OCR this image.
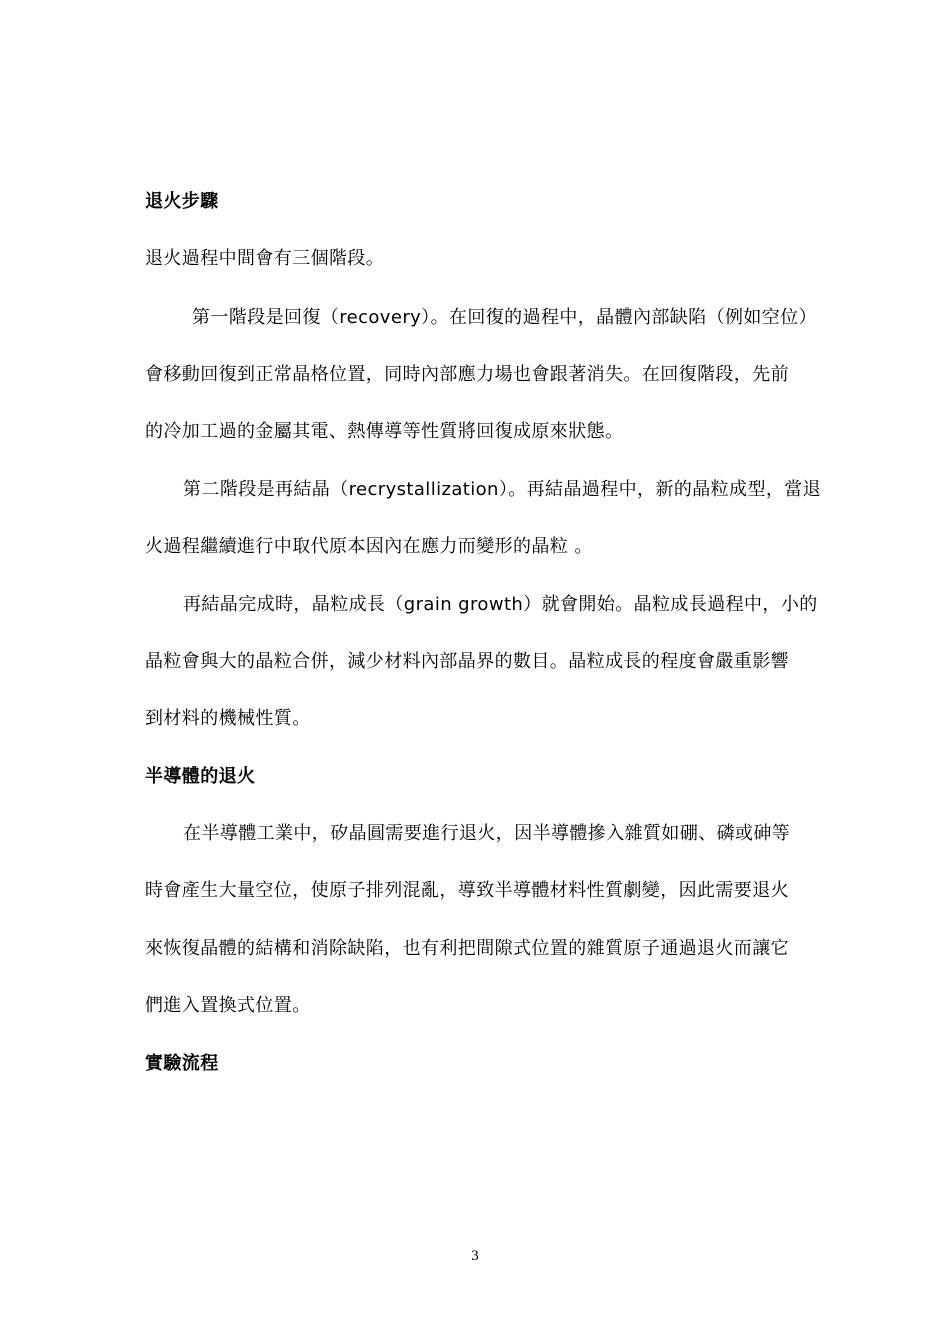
退火步驟
退火過程中間會有三個階段。
第一階段是回復（recovery）。在回復的過程中，晶體內部缺陷（例如空位）
會移動回復到正常晶格位置，同時內部應力場也會跟著消失。在回復階段，先前
的冷加工過的金屬其電、熱傳導等性質將回復成原來狀態。
第二階段是再結晶（recrystallization）。再結晶過程中，新的晶粒成型，當退
火過程繼續進行中取代原本因內在應力而變形的晶粒 。
再結晶完成時，晶粒成長（grain growth）就會開始。晶粒成長過程中，小的
晶粒會與大的晶粒合併，減少材料內部晶界的數目。晶粒成長的程度會嚴重影響
到材料的機械性質。
半導體的退火
在半導體工業中，矽晶圓需要進行退火，因半導體摻入雜質如硼、磷或砷等
時會產生大量空位，使原子排列混亂，導致半導體材料性質劇變，因此需要退火
來恢復晶體的結構和消除缺陷，也有利把間隙式位置的雜質原子通過退火而讓它
們進入置換式位置。
實驗流程
3
